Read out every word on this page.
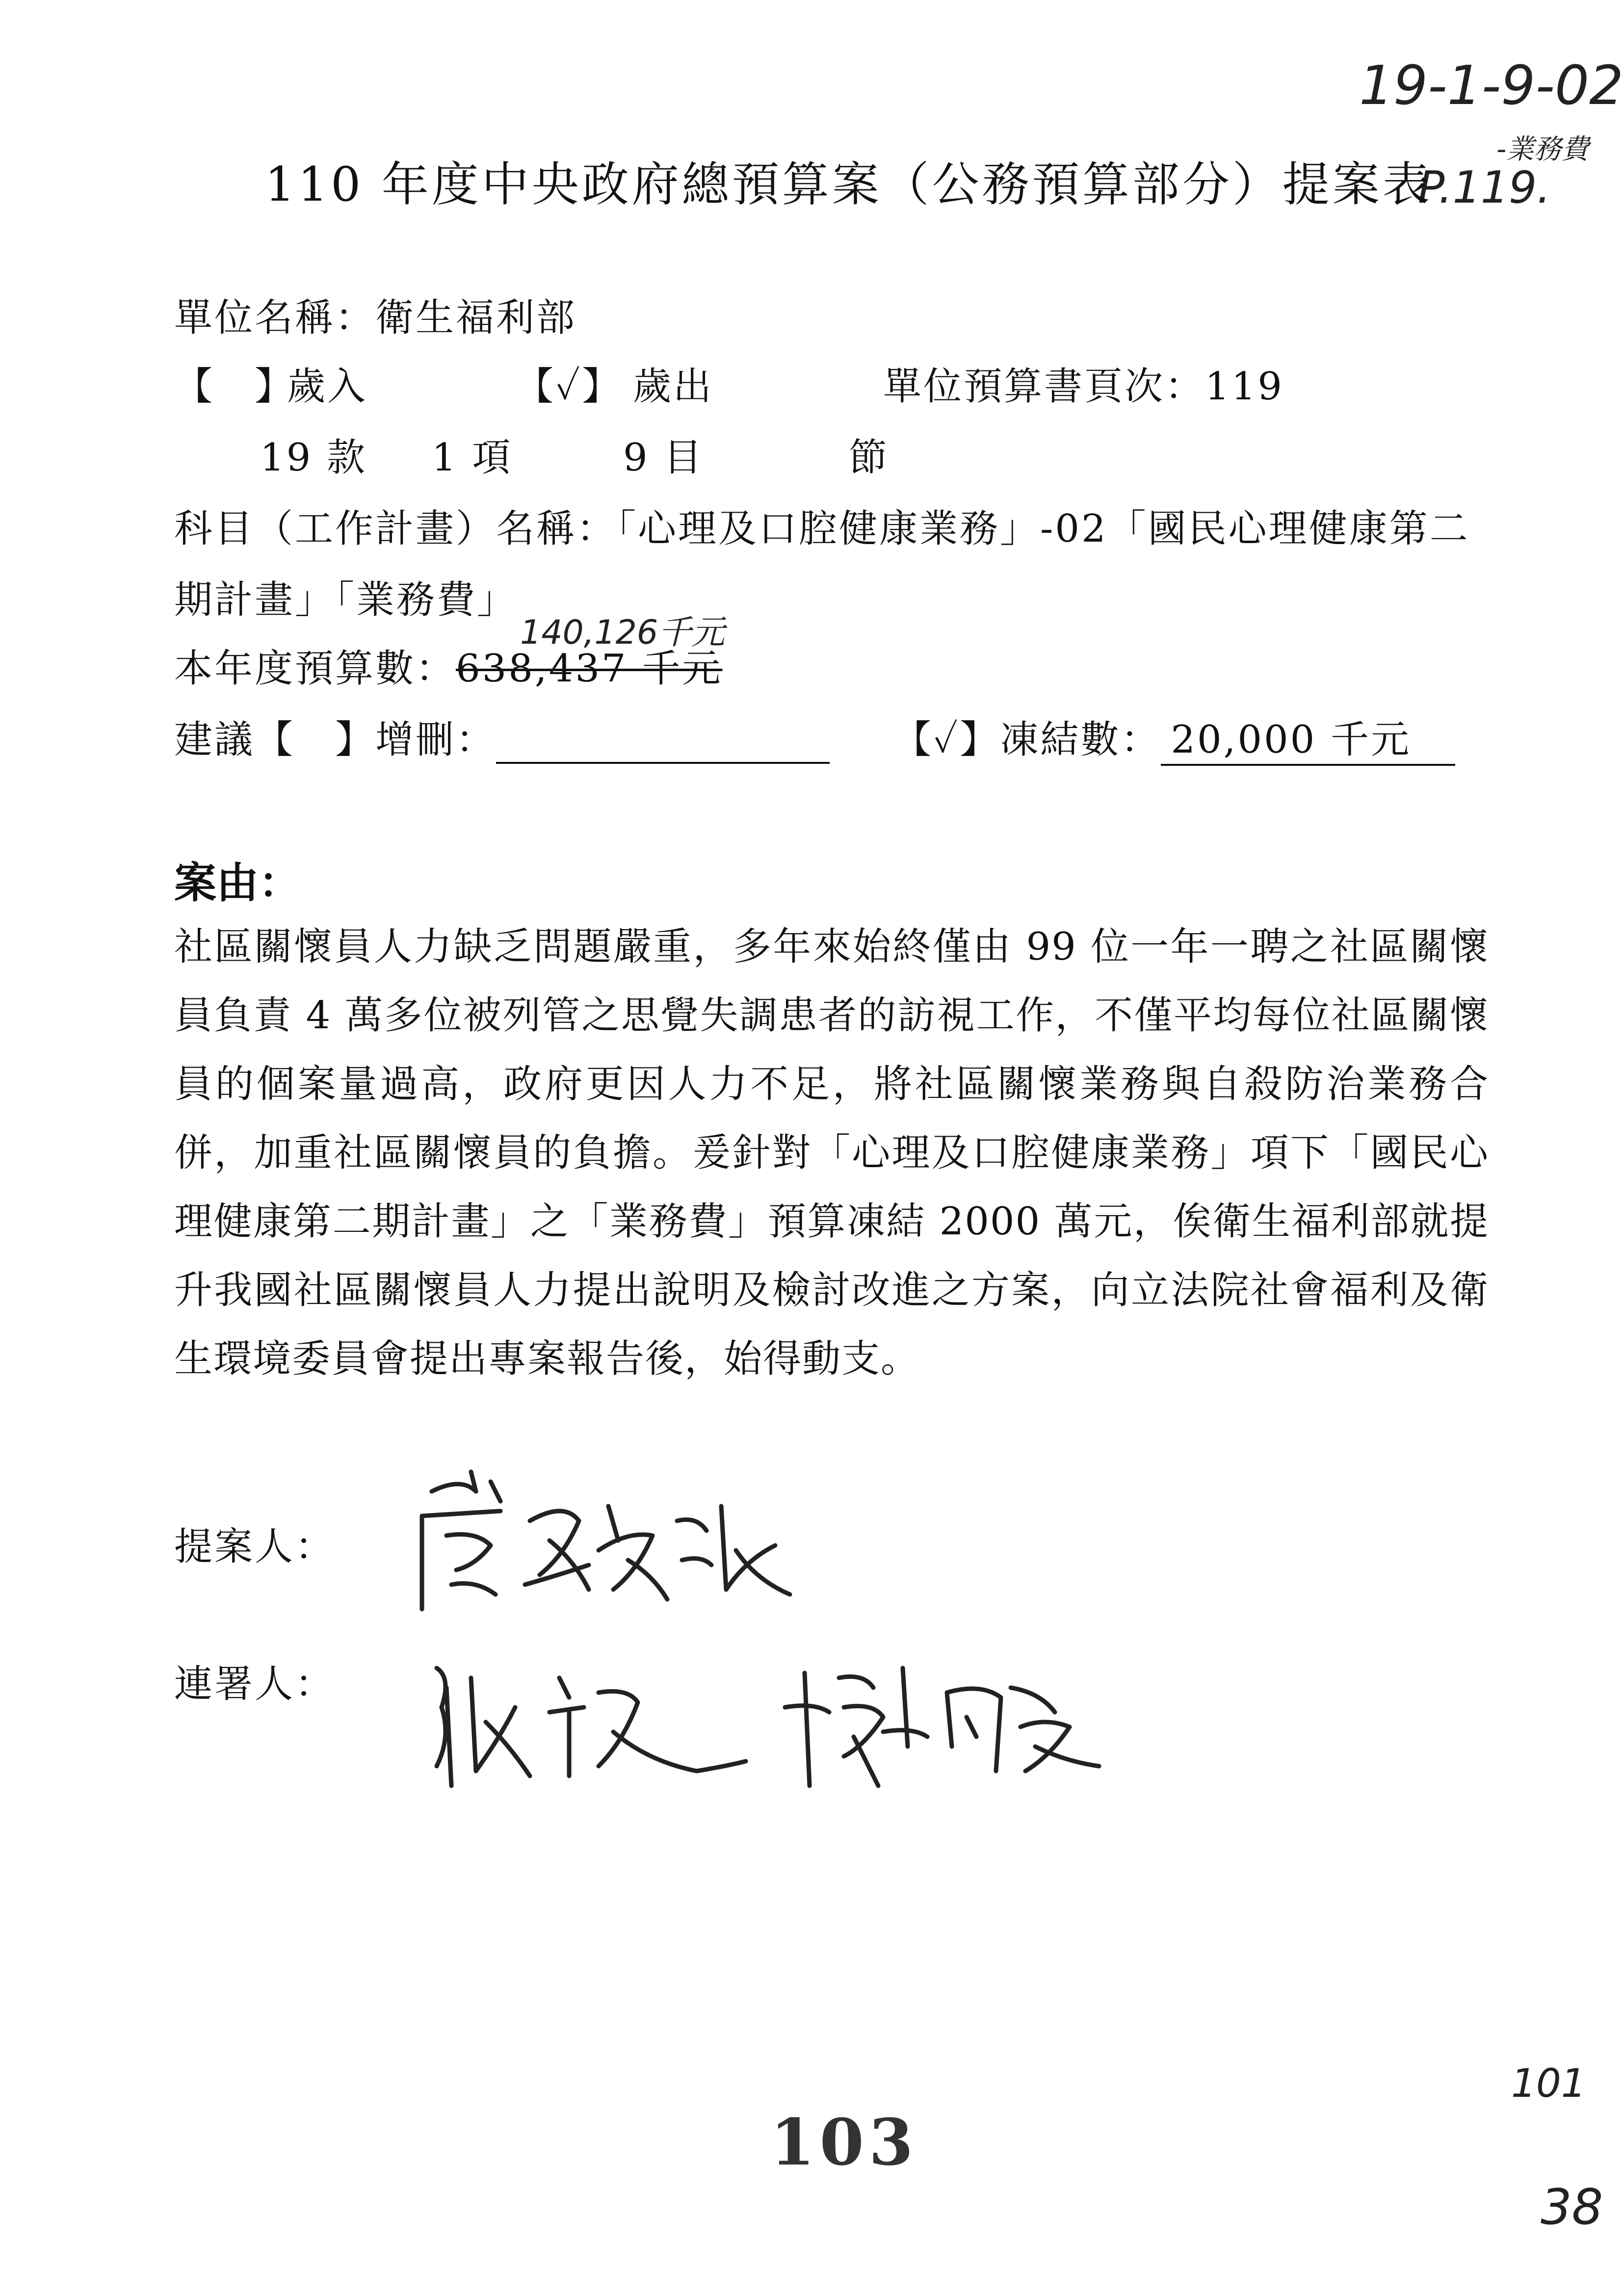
19-1-9-02
-業務費
P.119.
110 年度中央政府總預算案（公務預算部分）提案表
單位名稱：衛生福利部
【　】
歲入	【✓】 歲出	單位預算書頁次：119
19 款 1 項	9 目	節
科目（工作計畫）名稱：「心理及口腔健康業務」-02「國民心理健康第二
期計畫」「業務費」
140,126千元
本年度預算數：638,437 千元
建議【　】增刪：	【✓】凍結數： 20,000 千元
案由：
社區關懷員人力缺乏問題嚴重，多年來始終僅由 99 位一年一聘之社區關懷員負責 4 萬多位被列管之思覺失調患者的訪視工作，不僅平均每位社區關懷員的個案量過高，政府更因人力不足，將社區關懷業務與自殺防治業務合併，加重社區關懷員的負擔。爰針對「心理及口腔健康業務」項下「國民心理健康第二期計畫」之「業務費」預算凍結 2000 萬元，俟衛生福利部就提升我國社區關懷員人力提出說明及檢討改進之方案，向立法院社會福利及衛生環境委員會提出專案報告後，始得動支。
提案人：
連署人：
103
101
38
